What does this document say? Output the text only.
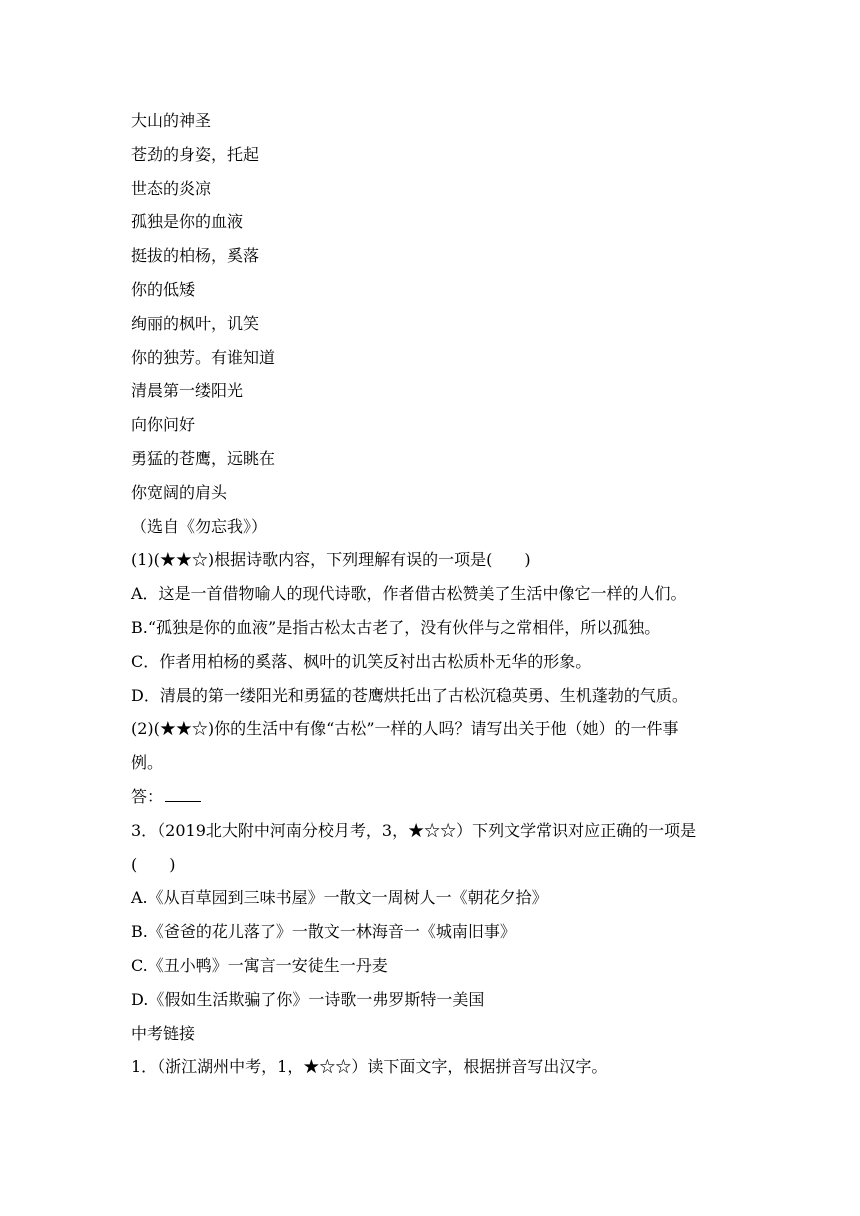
大山的神圣
苍劲的身姿，托起
世态的炎凉
孤独是你的血液
挺拔的柏杨，奚落
你的低矮
绚丽的枫叶，讥笑
你的独芳。有谁知道
清晨第一缕阳光
向你问好
勇猛的苍鹰，远眺在
你宽阔的肩头
（选自《勿忘我》）
(1)(★★☆)根据诗歌内容，下列理解有误的一项是(　　)
A．这是一首借物喻人的现代诗歌，作者借古松赞美了生活中像它一样的人们。
B.“孤独是你的血液”是指古松太古老了，没有伙伴与之常相伴，所以孤独。
C．作者用柏杨的奚落、枫叶的讥笑反衬出古松质朴无华的形象。
D．清晨的第一缕阳光和勇猛的苍鹰烘托出了古松沉稳英勇、生机蓬勃的气质。
(2)(★★☆)你的生活中有像“古松”一样的人吗？请写出关于他（她）的一件事
例。
答：
3．（2019北大附中河南分校月考，3，★☆☆）下列文学常识对应正确的一项是
(　　)
A.《从百草园到三味书屋》一散文一周树人一《朝花夕拾》
B.《爸爸的花儿落了》一散文一林海音一《城南旧事》
C.《丑小鸭》一寓言一安徒生一丹麦
D.《假如生活欺骗了你》一诗歌一弗罗斯特一美国
中考链接
1．（浙江湖州中考，1，★☆☆）读下面文字，根据拼音写出汉字。
